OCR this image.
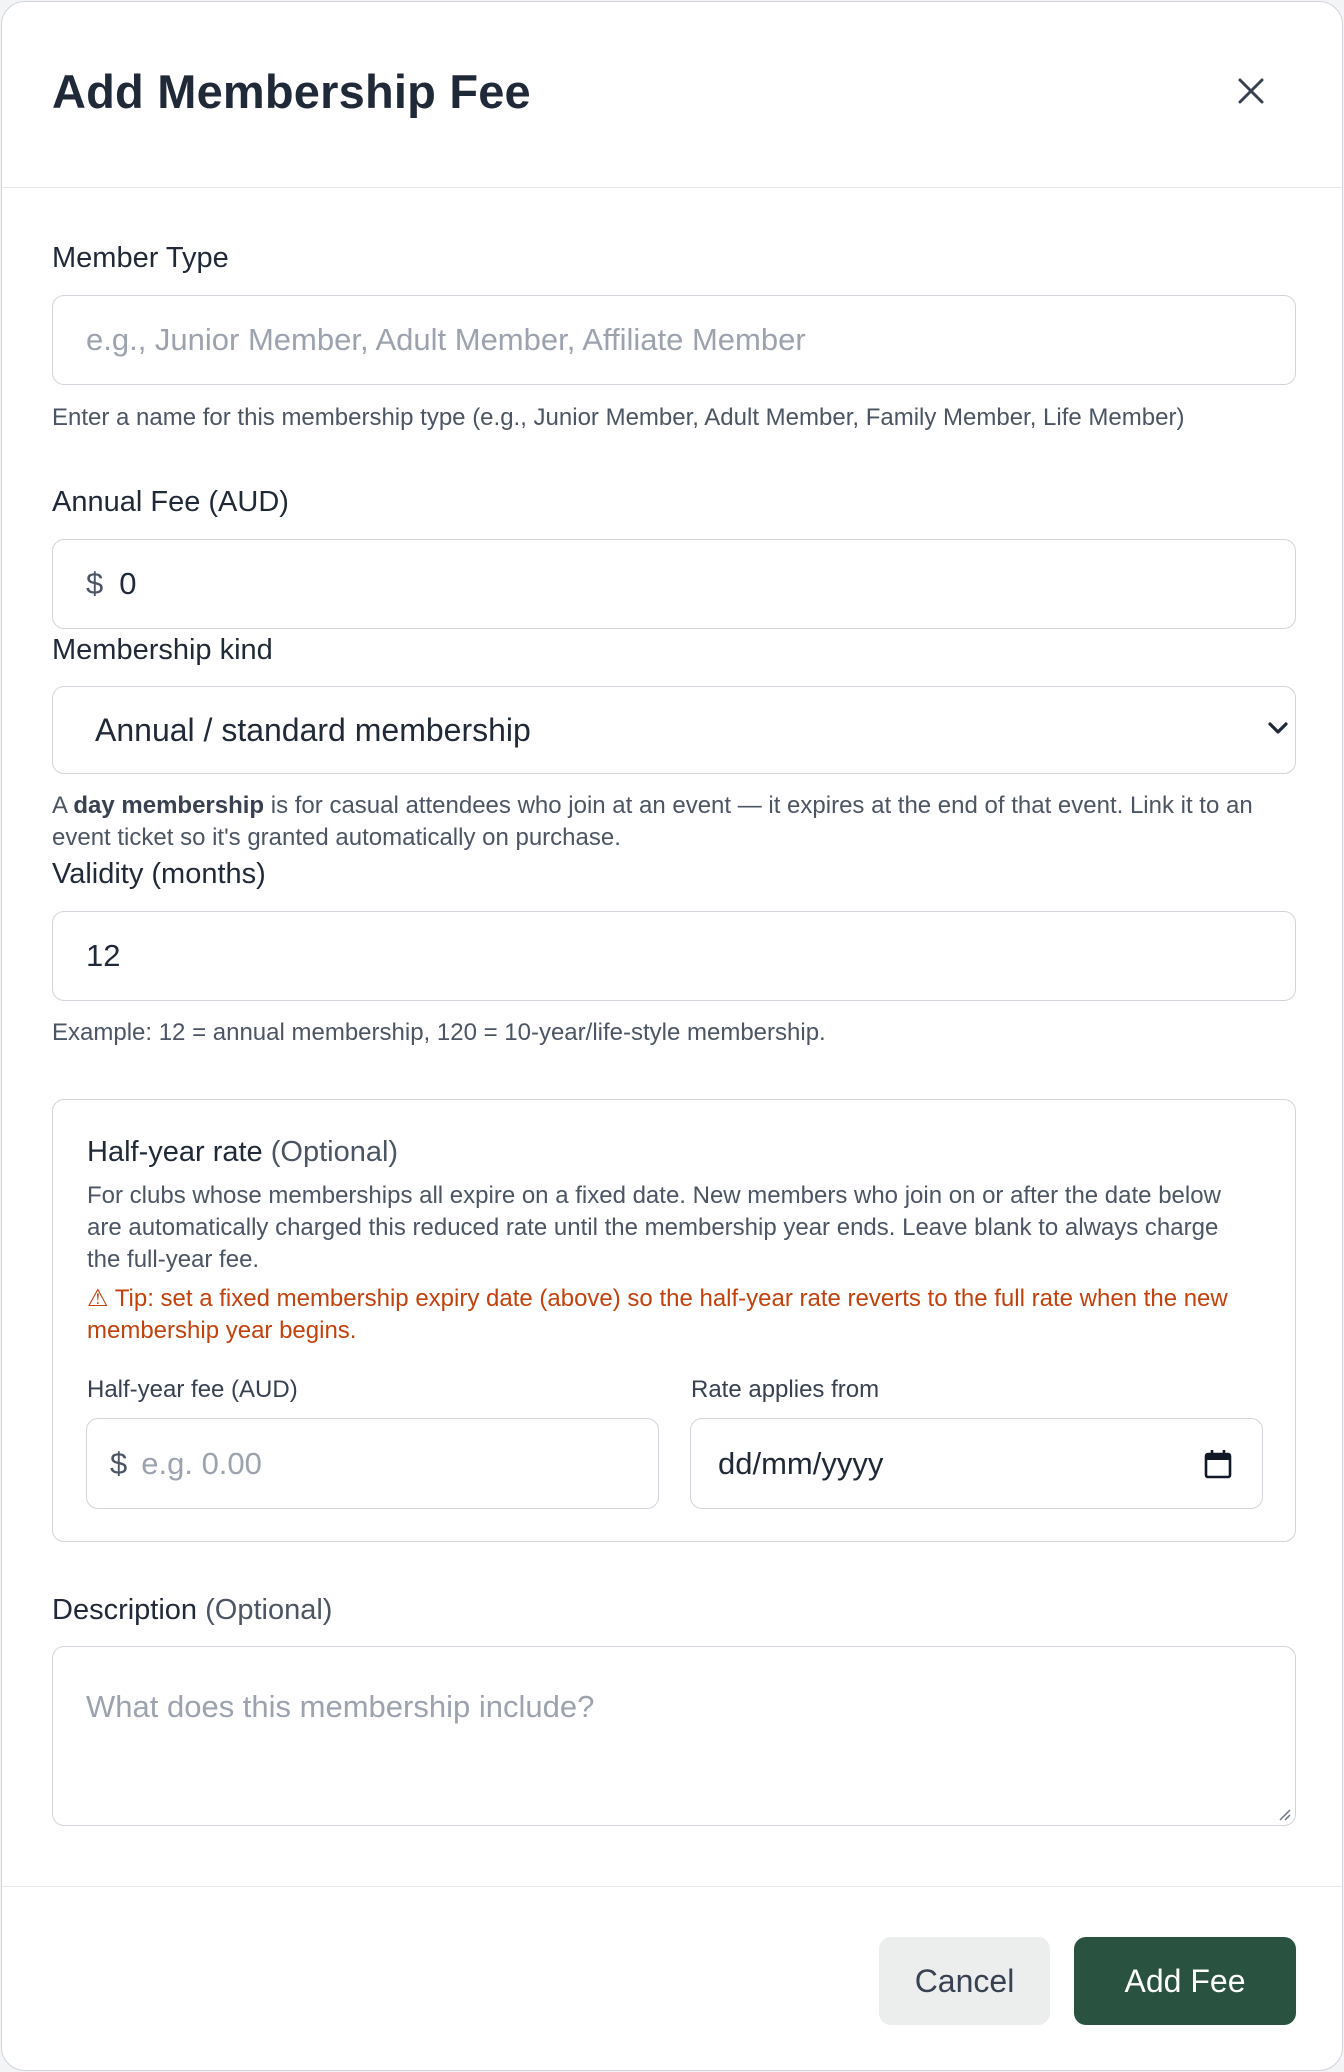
Add Membership Fee
Member Type
e.g., Junior Member, Adult Member, Affiliate Member
Enter a name for this membership type (e.g., Junior Member, Adult Member, Family Member, Life Member)
Annual Fee (AUD)
$ 0
Membership kind
Annual / standard membership
A day membership is for casual attendees who join at an event — it expires at the end of that event. Link it to an event ticket so it's granted automatically on purchase.
Validity (months)
12
Example: 12 = annual membership, 120 = 10-year/life-style membership.
Half-year rate (Optional)
For clubs whose memberships all expire on a fixed date. New members who join on or after the date below are automatically charged this reduced rate until the membership year ends. Leave blank to always charge the full-year fee.
⚠ Tip: set a fixed membership expiry date (above) so the half-year rate reverts to the full rate when the new membership year begins.
Half-year fee (AUD)
$ e.g. 0.00
Rate applies from
dd/mm/yyyy
Description (Optional)
What does this membership include?
Cancel	Add Fee
